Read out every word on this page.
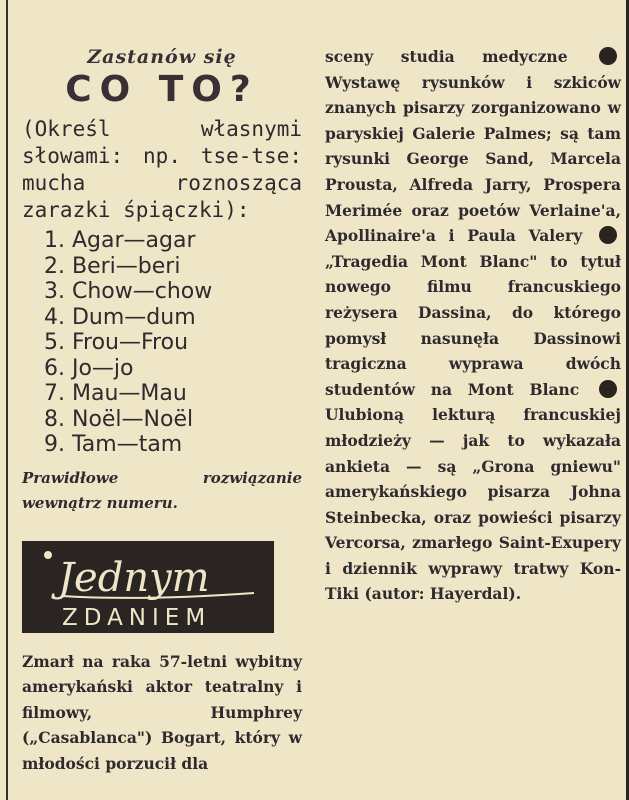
Zastanów się
CO TO?
(Określ własnymi słowami: np. tse-tse: mucha roznosząca zarazki śpiączki):
1. Agar—agar
2. Beri—beri
3. Chow—chow
4. Dum—dum
5. Frou—Frou
6. Jo—jo
7. Mau—Mau
8. Noël—Noël
9. Tam—tam
Prawidłowe rozwiązanie wewnątrz numeru.
Jednym
ZDANIEM
Zmarł na raka 57-letni wybitny amerykański aktor teatralny i filmowy, Humphrey („Casablanca") Bogart, który w młodości porzucił dla
sceny studia medyczne  Wystawę rysunków i szkiców znanych pisarzy zorganizowano w paryskiej Galerie Palmes; są tam rysunki George Sand, Marcela Prousta, Alfreda Jarry, Prospera Merimée oraz poetów Verlaine'a, Apollinaire'a i Paula Valery  „Tragedia Mont Blanc" to tytuł nowego filmu francuskiego reżysera Dassina, do którego pomysł nasunęła Dassinowi tragiczna wyprawa dwóch studentów na Mont Blanc  Ulubioną lekturą francuskiej młodzieży — jak to wykazała ankieta — są „Grona gniewu" amerykańskiego pisarza Johna Steinbecka, oraz powieści pisarzy Vercorsa, zmarłego Saint-Exupery i dziennik wyprawy tratwy Kon-Tiki (autor: Hayerdal).
